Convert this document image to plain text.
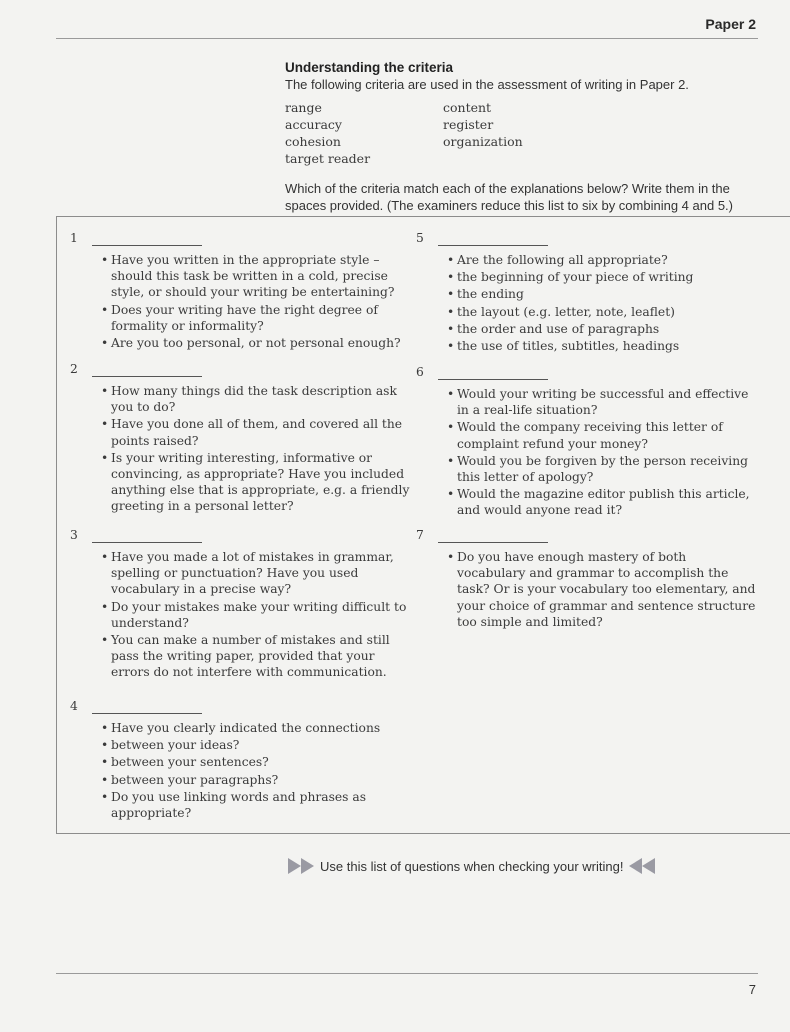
Paper 2
Understanding the criteria
The following criteria are used in the assessment of writing in Paper 2.
range	content
accuracy	register
cohesion	organization
target reader
Which of the criteria match each of the explanations below? Write them in the spaces provided. (The examiners reduce this list to six by combining 4 and 5.)
1
• Have you written in the appropriate style – should this task be written in a cold, precise style, or should your writing be entertaining?
• Does your writing have the right degree of formality or informality?
• Are you too personal, or not personal enough?
2
• How many things did the task description ask you to do?
• Have you done all of them, and covered all the points raised?
• Is your writing interesting, informative or convincing, as appropriate? Have you included anything else that is appropriate, e.g. a friendly greeting in a personal letter?
3
• Have you made a lot of mistakes in grammar, spelling or punctuation? Have you used vocabulary in a precise way?
• Do your mistakes make your writing difficult to understand?
• You can make a number of mistakes and still pass the writing paper, provided that your errors do not interfere with communication.
4
• Have you clearly indicated the connections
• between your ideas?
• between your sentences?
• between your paragraphs?
• Do you use linking words and phrases as appropriate?
5
• Are the following all appropriate?
• the beginning of your piece of writing
• the ending
• the layout (e.g. letter, note, leaflet)
• the order and use of paragraphs
• the use of titles, subtitles, headings
6
• Would your writing be successful and effective in a real-life situation?
• Would the company receiving this letter of complaint refund your money?
• Would you be forgiven by the person receiving this letter of apology?
• Would the magazine editor publish this article, and would anyone read it?
7
• Do you have enough mastery of both vocabulary and grammar to accomplish the task? Or is your vocabulary too elementary, and your choice of grammar and sentence structure too simple and limited?
Use this list of questions when checking your writing!
7
